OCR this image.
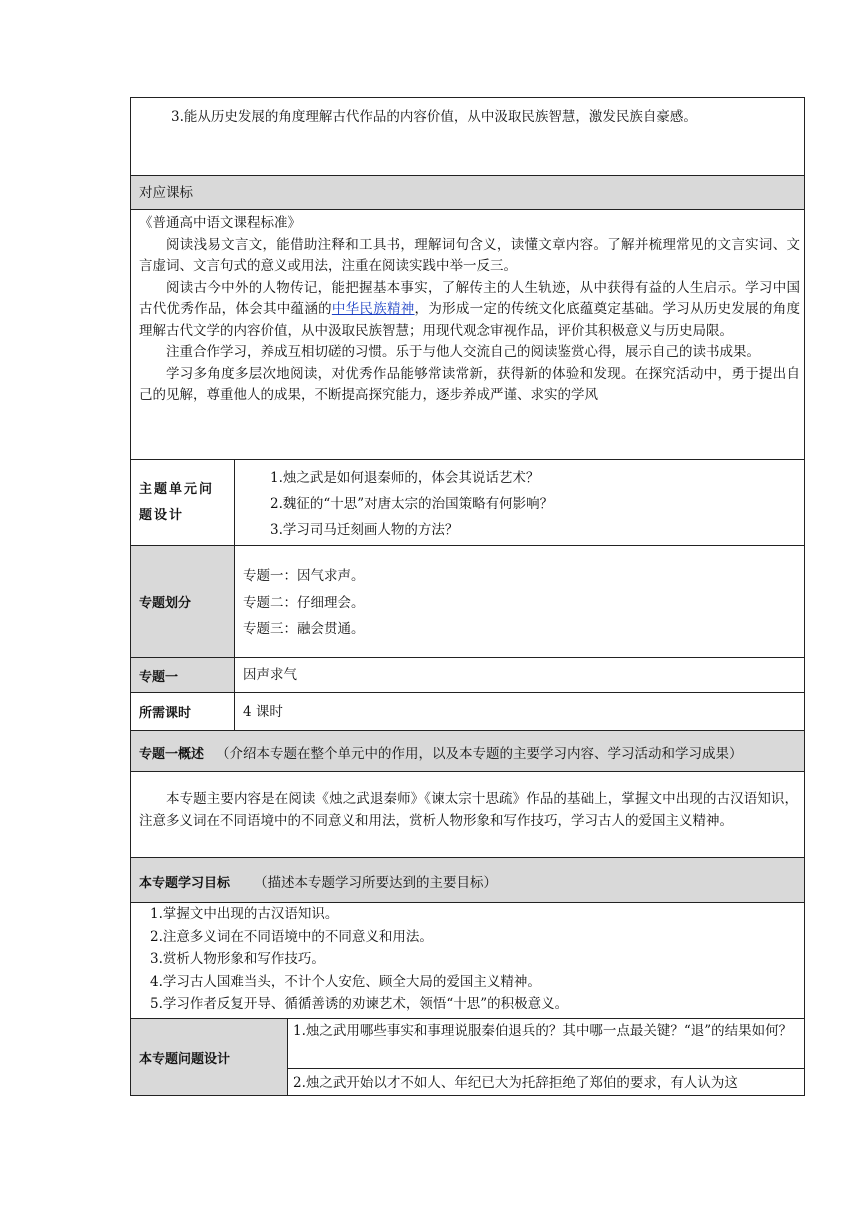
3.能从历史发展的角度理解古代作品的内容价值，从中汲取民族智慧，激发民族自豪感。
对应课标

《普通高中语文课程标准》

阅读浅易文言文，能借助注释和工具书，理解词句含义，读懂文章内容。了解并梳理常见的文言实词、文言虚词、文言句式的意义或用法，注重在阅读实践中举一反三。

阅读古今中外的人物传记，能把握基本事实，了解传主的人生轨迹，从中获得有益的人生启示。学习中国古代优秀作品，体会其中蕴涵的中华民族精神，为形成一定的传统文化底蕴奠定基础。学习从历史发展的角度理解古代文学的内容价值，从中汲取民族智慧；用现代观念审视作品，评价其积极意义与历史局限。

注重合作学习，养成互相切磋的习惯。乐于与他人交流自己的阅读鉴赏心得，展示自己的读书成果。

学习多角度多层次地阅读，对优秀作品能够常读常新，获得新的体验和发现。在探究活动中，勇于提出自己的见解，尊重他人的成果，不断提高探究能力，逐步养成严谨、求实的学风

主题单元问题设计
1.烛之武是如何退秦师的，体会其说话艺术？
2.魏征的“十思”对唐太宗的治国策略有何影响？
3.学习司马迁刻画人物的方法？
专题划分
专题一：因气求声。
专题二：仔细理会。
专题三：融会贯通。
专题一	因声求气
所需课时	4 课时
专题一概述 （介绍本专题在整个单元中的作用，以及本专题的主要学习内容、学习活动和学习成果）

本专题主要内容是在阅读《烛之武退秦师》《谏太宗十思疏》作品的基础上，掌握文中出现的古汉语知识，注意多义词在不同语境中的不同意义和用法，赏析人物形象和写作技巧，学习古人的爱国主义精神。

本专题学习目标 （描述本专题学习所要达到的主要目标）
1.掌握文中出现的古汉语知识。
2.注意多义词在不同语境中的不同意义和用法。
3.赏析人物形象和写作技巧。
4.学习古人国难当头，不计个人安危、顾全大局的爱国主义精神。
5.学习作者反复开导、循循善诱的劝谏艺术，领悟“十思”的积极意义。
本专题问题设计
1.烛之武用哪些事实和事理说服秦伯退兵的？其中哪一点最关键？“退”的结果如何？
2.烛之武开始以才不如人、年纪已大为托辞拒绝了郑伯的要求，有人认为这
